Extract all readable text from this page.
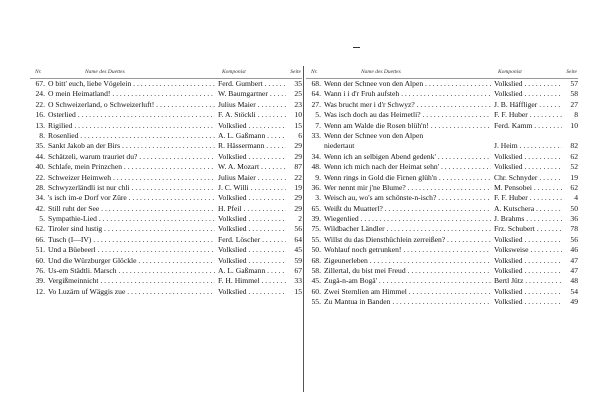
Nr.	Name des Duettes	Komponist	Seite
67. O bitt' euch, liebe Vögelein . . .	Ferd. Gumbert . . .	35
24. O mein Heimatland! . . .	W. Baumgartner . . .	25
22. O Schweizerland, o Schweizerluft! . . .	Julius Maier . . .	23
16. Osterlied . . .	F. A. Stöckli . . .	10
13. Rigilied . . .	Volkslied . . .	15
8. Rosenlied . . .	A. L. Gaßmann . . .	6
35. Sankt Jakob an der Birs . . .	R. Hässermann . . .	29
44. Schätzeli, warum trauriet du? . . .	Volkslied . . .	29
40. Schlafe, mein Prinzchen . . .	W. A. Mozart . . .	87
22. Schweizer Heimweh . . .	Julius Maier . . .	22
28. Schwyzerländli ist nur chli . . .	J. C. Willi . . .	19
34. 's isch im-e Dorf vor Züre . . .	Volkslied . . .	29
42. Still ruht der See . . .	H. Pfeil . . .	29
5. Sympathie-Lied . . .	Volkslied . . .	2
62. Tiroler sind lustig . . .	Volkslied . . .	56
66. Tusch (I—IV) . . .	Ferd. Löscher . . .	64
51. Und a Büebeerl . . .	Volkslied . . .	45
60. Und die Würzburger Glöckle . . .	Volkslied . . .	59
76. Us-em Städtli. Marsch . . .	A. L. Gaßmann . . .	67
39. Vergißmeinnicht . . .	F. H. Himmel . . .	33
12. Vo Luzärn uf Wäggis zue . . .	Volkslied . . .	15
Nr.	Name des Duettes	Komponist	Seite
68. Wenn der Schnee von den Alpen . . .	Volkslied . . .	57
64. Wann i i d'r Fruh aufsteh . . .	Volkslied . . .	58
27. Was brucht mer i d'r Schwyz? . . .	J. B. Häffliger . . .	27
5. Was isch doch au das Heimetli? . . .	F. F. Huber . . .	8
7. Wenn am Walde die Rosen blüh'n! . . .	Ferd. Kamm . . .	10
33. Wenn der Schnee von den Alpen
niedertaut	J. Heim . . .	82
34. Wenn ich an selbigen Abend gedenk' . . .	Volkslied . . .	62
48. Wenn ich mich nach der Heimat sehn' . . .	Volkslied . . .	52
9. Wenn rings in Gold die Firnen glüh'n . . .	Chr. Schnyder . . .	19
36. Wer nennt mir j'ne Blume? . . .	M. Pensobei . . .	62
3. Weisch au, wo's am schönste-n-isch? . . .	F. F. Huber . . .	4
65. Weißt du Muatterl? . . .	A. Kutschera . . .	50
39. Wiegenlied . . .	J. Brahms . . .	36
75. Wildbacher Ländler . . .	Frz. Schubert . . .	78
55. Willst du das Diensthüchlein zerreißen? . . .	Volkslied . . .	56
50. Wohlauf noch getrunken! . . .	Volksweise . . .	46
68. Zigeunerleben . . .	Volkslied . . .	47
58. Zillertal, du bist mei Freud . . .	Volkslied . . .	47
45. Zugä-n-am Bogä' . . .	Bertl Jütz . . .	48
60. Zwei Sternlien am Himmel . . .	Volkslied . . .	54
55. Zu Mantua in Banden . . .	Volkslied . . .	49
